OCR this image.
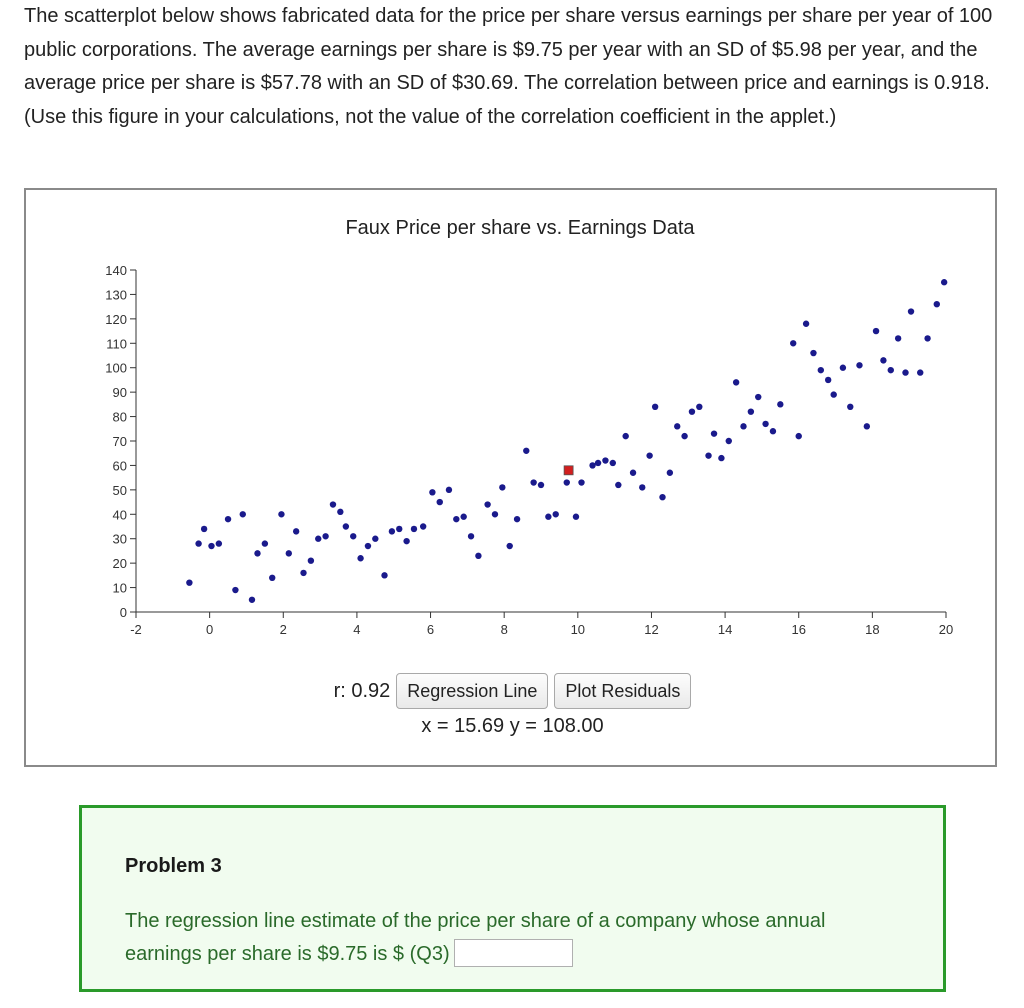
The scatterplot below shows fabricated data for the price per share versus earnings per share per year of 100 public corporations. The average earnings per share is $9.75 per year with an SD of $5.98 per year, and the average price per share is $57.78 with an SD of $30.69. The correlation between price and earnings is 0.918. (Use this figure in your calculations, not the value of the correlation coefficient in the applet.)

Faux Price per share vs. Earnings Data
0
10
20
30
40
50
60
70
80
90
100
110
120
130
140
-2	0	2	4	6	8	10	12	14	16	18	20
r: 0.92 Regression Line	Plot Residuals
x = 15.69 y = 108.00
Problem 3
The regression line estimate of the price per share of a company whose annual earnings per share is $9.75 is $ (Q3)
